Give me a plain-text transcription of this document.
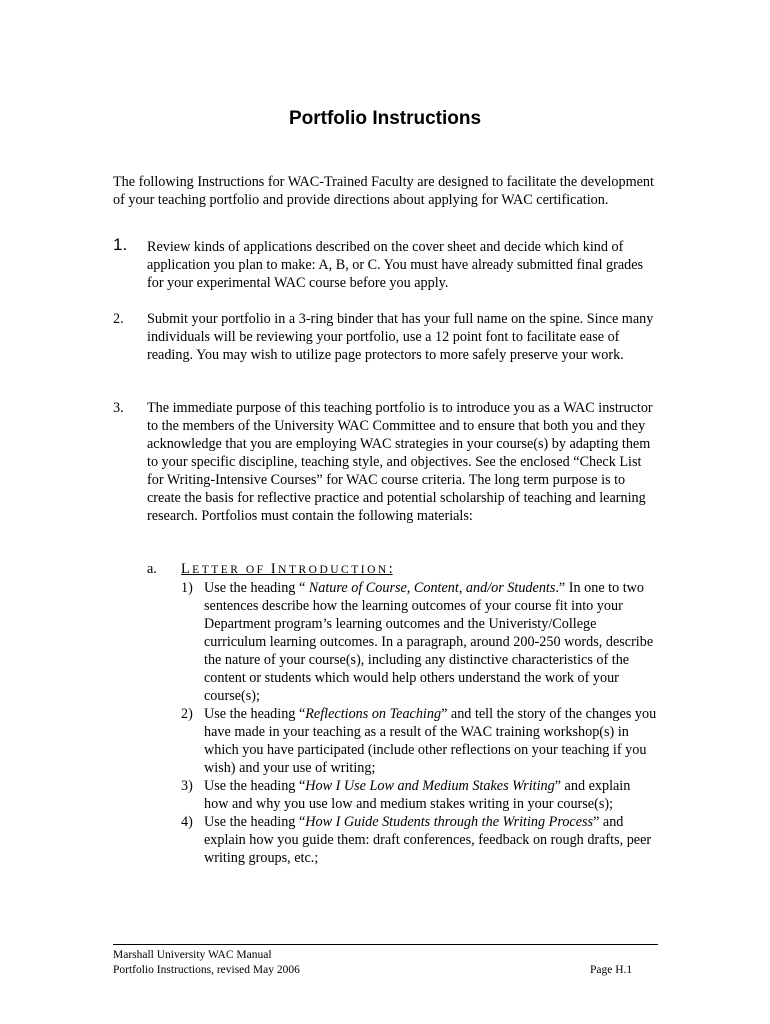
Portfolio Instructions
The following Instructions for WAC-Trained Faculty are designed to facilitate the development of your teaching portfolio and provide directions about applying for WAC certification.
1. Review kinds of applications described on the cover sheet and decide which kind of application you plan to make: A, B, or C. You must have already submitted final grades for your experimental WAC course before you apply.
2. Submit your portfolio in a 3-ring binder that has your full name on the spine. Since many individuals will be reviewing your portfolio, use a 12 point font to facilitate ease of reading. You may wish to utilize page protectors to more safely preserve your work.
3. The immediate purpose of this teaching portfolio is to introduce you as a WAC instructor to the members of the University WAC Committee and to ensure that both you and they acknowledge that you are employing WAC strategies in your course(s) by adapting them to your specific discipline, teaching style, and objectives. See the enclosed “Check List for Writing-Intensive Courses” for WAC course criteria. The long term purpose is to create the basis for reflective practice and potential scholarship of teaching and learning research. Portfolios must contain the following materials:
a. LETTER OF INTRODUCTION:
1) Use the heading “ Nature of Course, Content, and/or Students.” In one to two sentences describe how the learning outcomes of your course fit into your Department program’s learning outcomes and the Univeristy/College curriculum learning outcomes. In a paragraph, around 200-250 words, describe the nature of your course(s), including any distinctive characteristics of the content or students which would help others understand the work of your course(s);
2) Use the heading “Reflections on Teaching” and tell the story of the changes you have made in your teaching as a result of the WAC training workshop(s) in which you have participated (include other reflections on your teaching if you wish) and your use of writing;
3) Use the heading “How I Use Low and Medium Stakes Writing” and explain how and why you use low and medium stakes writing in your course(s);
4) Use the heading “How I Guide Students through the Writing Process” and explain how you guide them: draft conferences, feedback on rough drafts, peer writing groups, etc.;
Marshall University WAC Manual
Portfolio Instructions, revised May 2006	Page H.1
